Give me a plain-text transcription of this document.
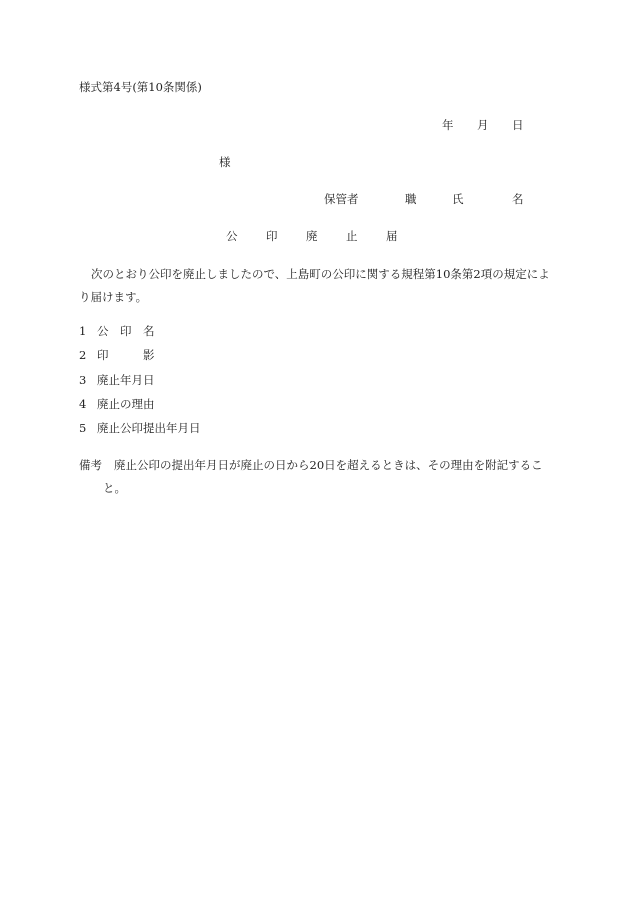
様式第4号(第10条関係)
年 月 日
様
保管者	職	氏	名
公 印 廃 止 届
次のとおり公印を廃止しましたので、上島町の公印に関する規程第10条第2項の規定により届けます。
1 公　印　名
2 印　　　影
3 廃止年月日
4 廃止の理由
5 廃止公印提出年月日
備考 廃止公印の提出年月日が廃止の日から20日を超えるときは、その理由を附記すること。
